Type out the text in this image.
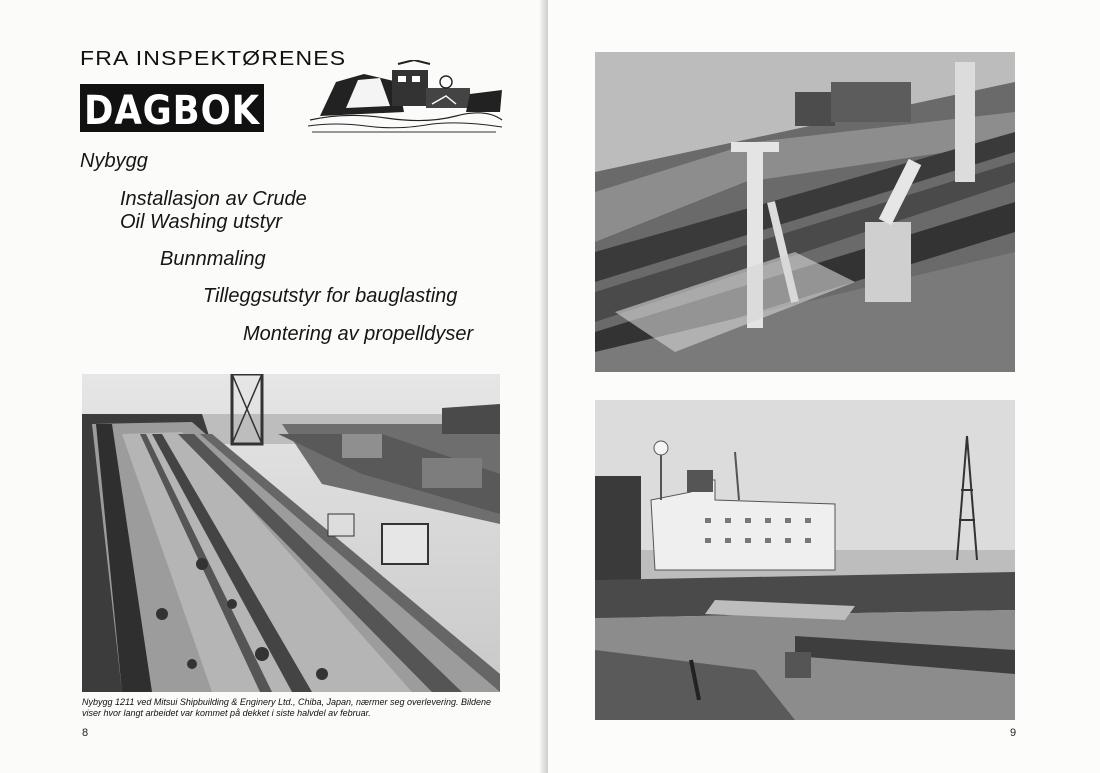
FRA INSPEKTØRENES
DAGBOK
Nybygg
Installasjon av Crude
Oil Washing utstyr
Bunnmaling
Tilleggsutstyr for bauglasting
Montering av propelldyser
Nybygg 1211 ved Mitsui Shipbuilding & Enginery Ltd., Chiba, Japan, nærmer seg overlevering. Bildene viser hvor langt arbeidet var kommet på dekket i siste halvdel av februar.
8	9
